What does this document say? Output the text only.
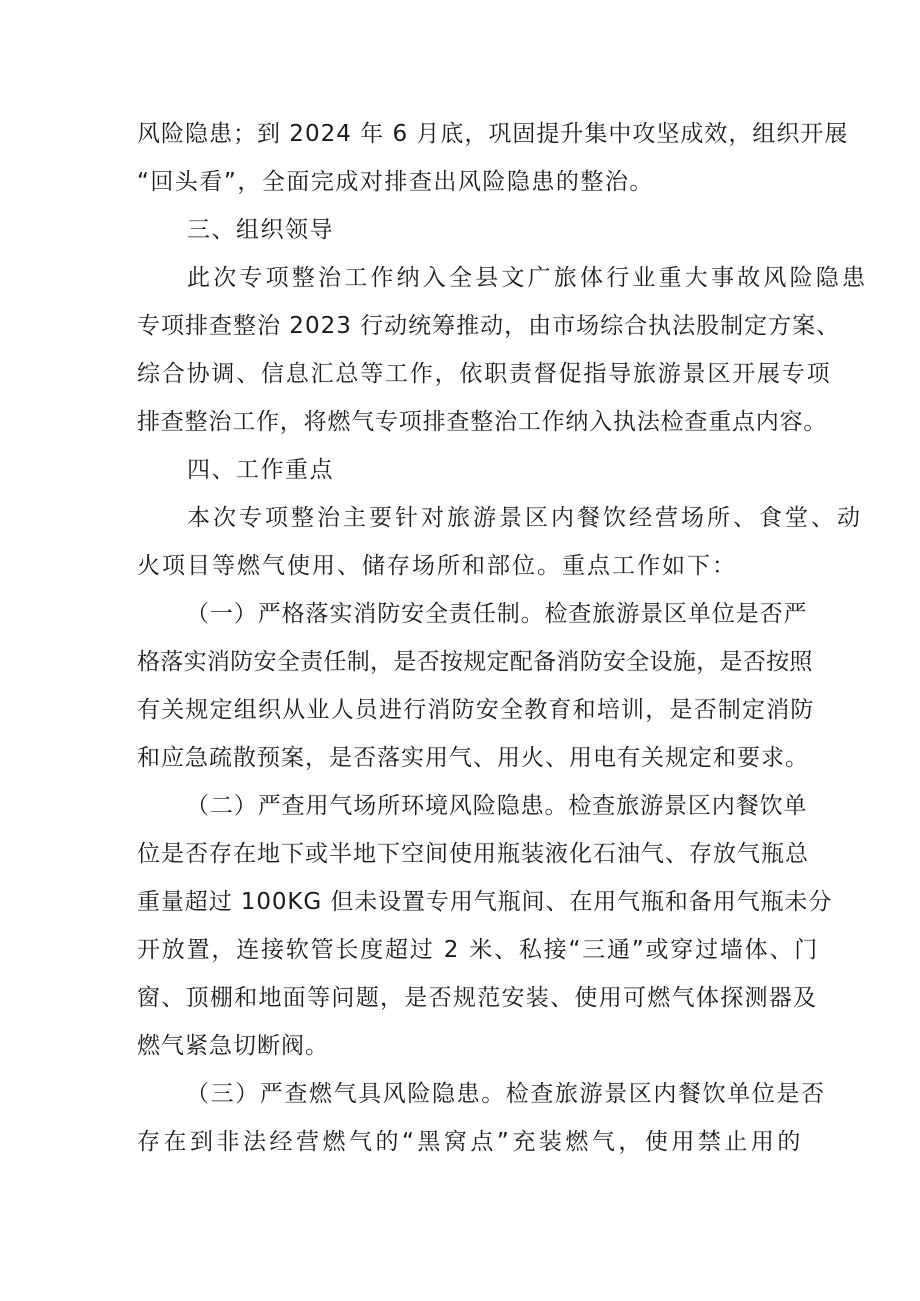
风险隐患；到 2024 年 6 月底，巩固提升集中攻坚成效，组织开展
“回头看”，全面完成对排查出风险隐患的整治。
三、组织领导
此次专项整治工作纳入全县文广旅体行业重大事故风险隐患
专项排查整治 2023 行动统筹推动，由市场综合执法股制定方案、
综合协调、信息汇总等工作，依职责督促指导旅游景区开展专项
排查整治工作，将燃气专项排查整治工作纳入执法检查重点内容。
四、工作重点
本次专项整治主要针对旅游景区内餐饮经营场所、食堂、动
火项目等燃气使用、储存场所和部位。重点工作如下：
（一）严格落实消防安全责任制。检查旅游景区单位是否严
格落实消防安全责任制，是否按规定配备消防安全设施，是否按照
有关规定组织从业人员进行消防安全教育和培训，是否制定消防
和应急疏散预案，是否落实用气、用火、用电有关规定和要求。
（二）严查用气场所环境风险隐患。检查旅游景区内餐饮单
位是否存在地下或半地下空间使用瓶装液化石油气、存放气瓶总
重量超过 100KG 但未设置专用气瓶间、在用气瓶和备用气瓶未分
开放置，连接软管长度超过 2 米、私接“三通”或穿过墙体、门
窗、顶棚和地面等问题，是否规范安装、使用可燃气体探测器及
燃气紧急切断阀。
（三）严查燃气具风险隐患。检查旅游景区内餐饮单位是否
存在到非法经营燃气的“黑窝点”充装燃气，使用禁止用的
